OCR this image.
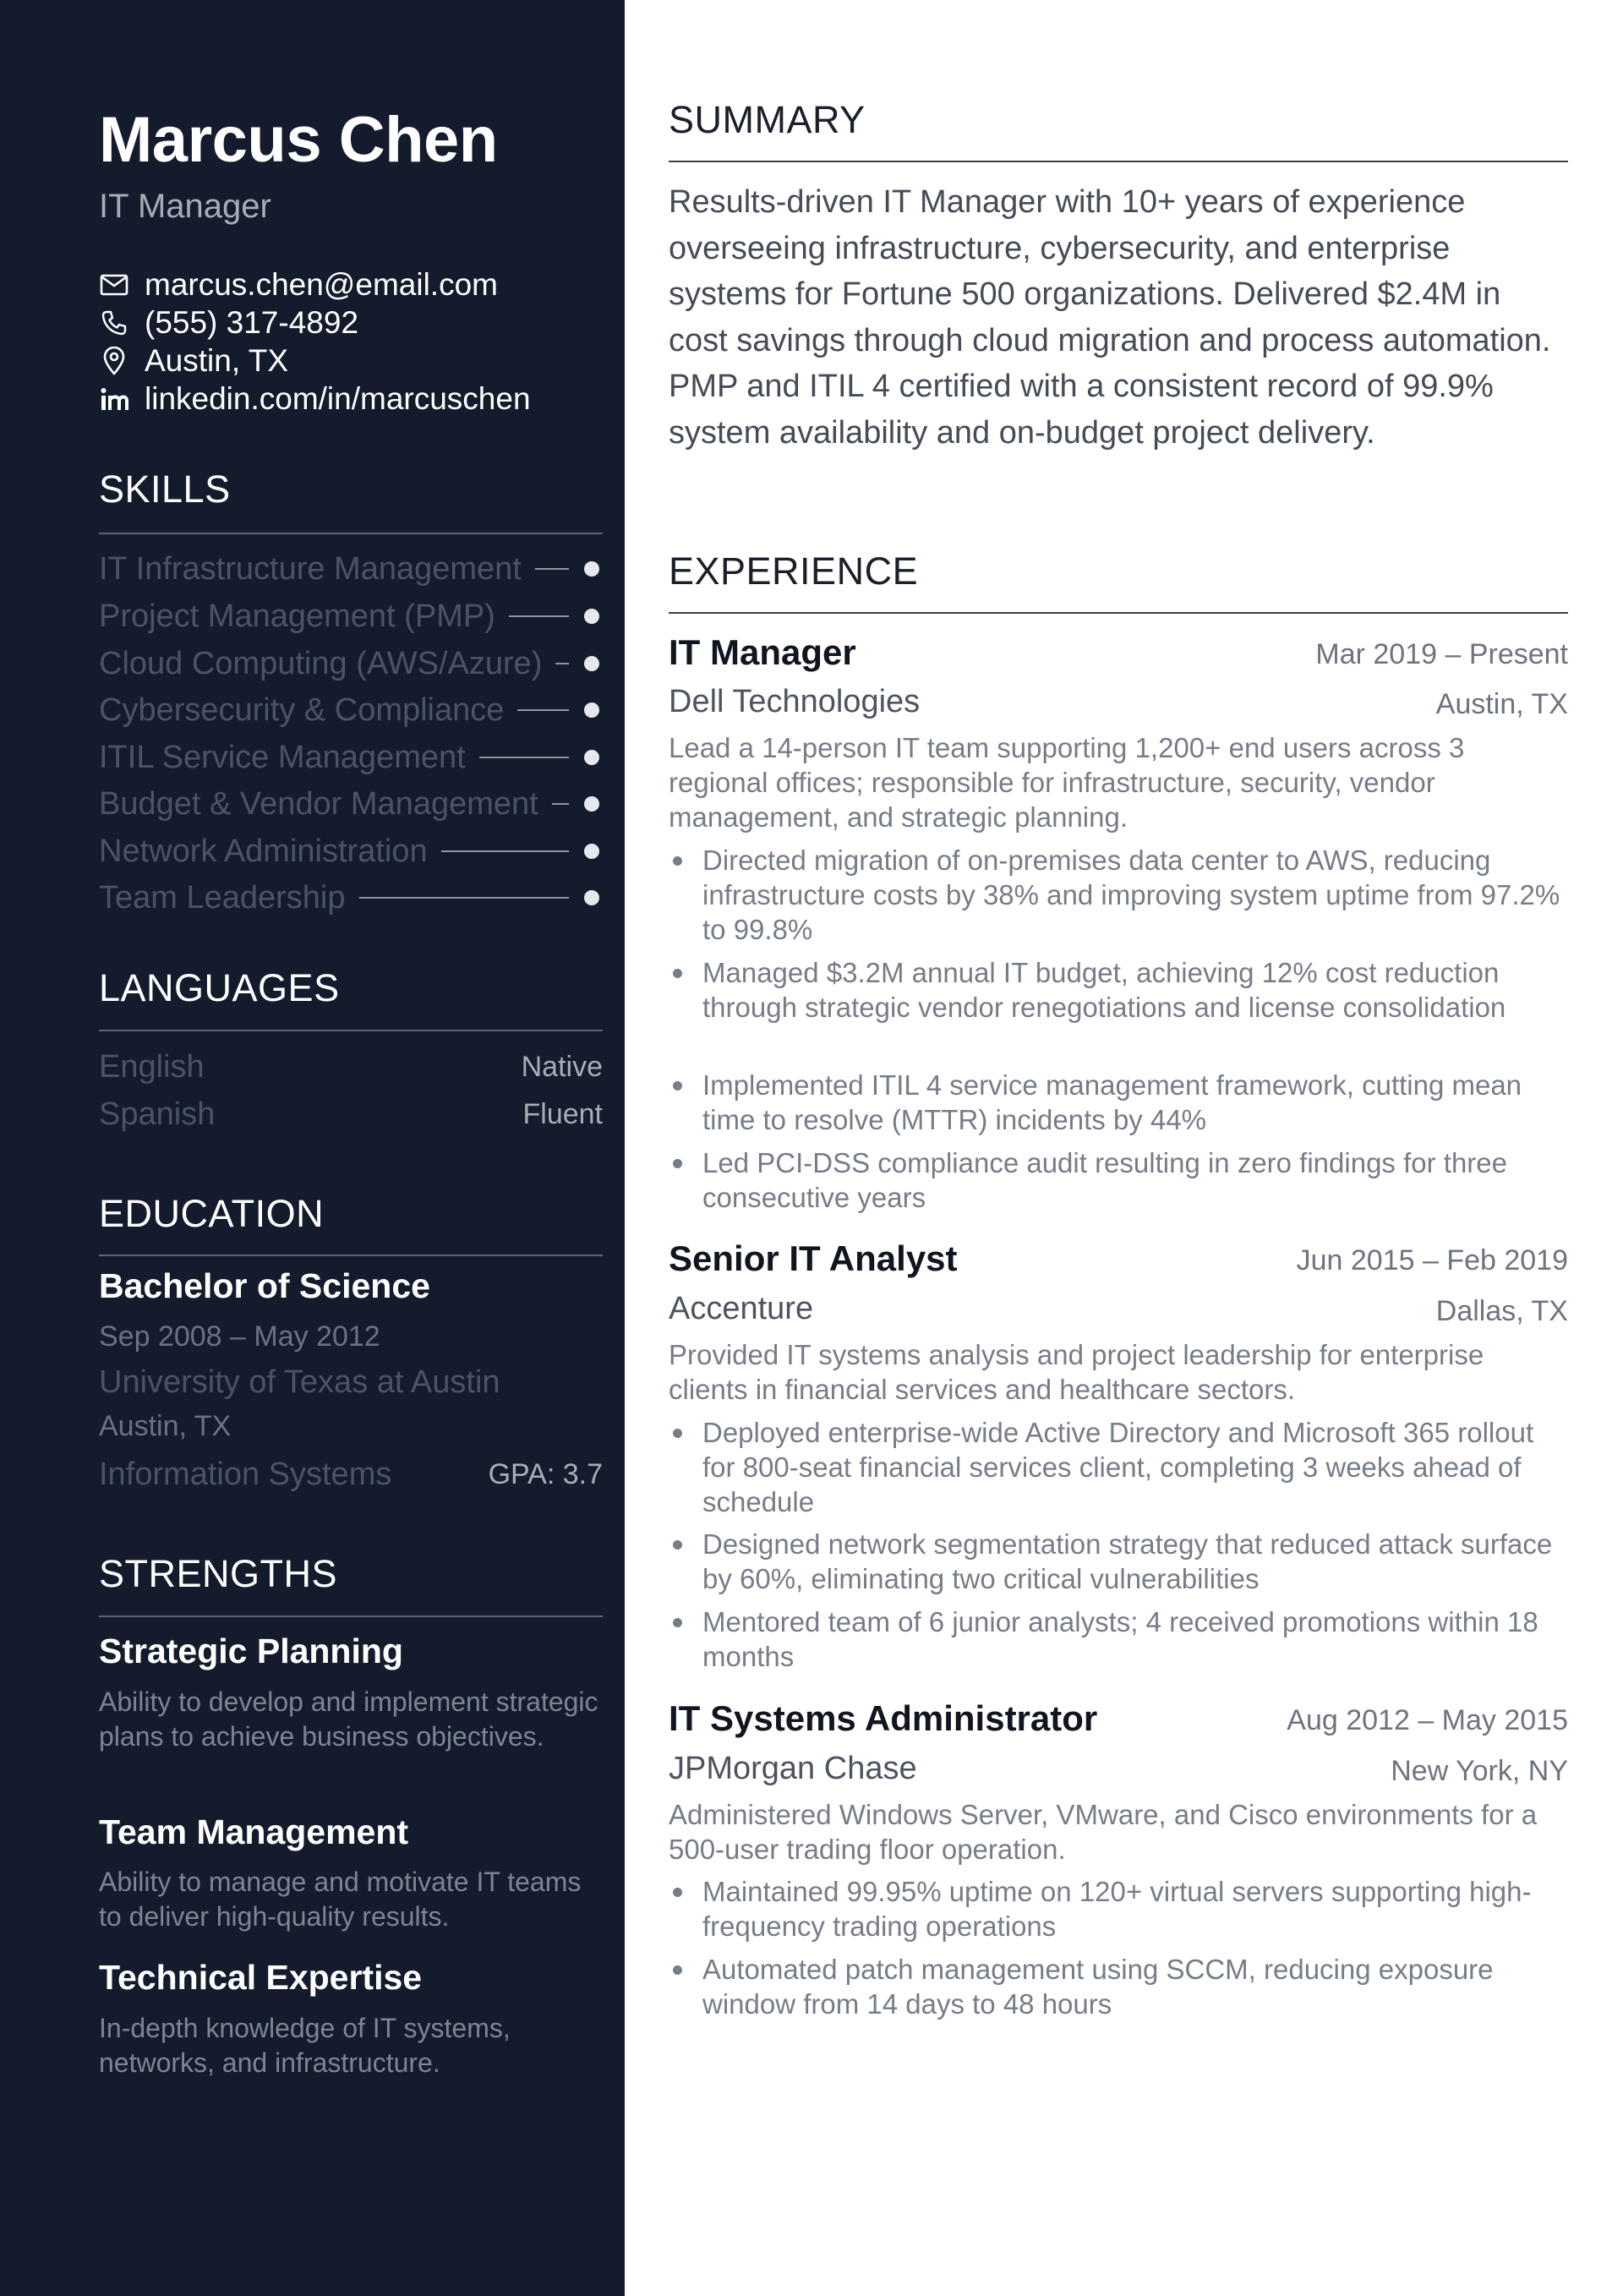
Marcus Chen
IT Manager
marcus.chen@email.com
(555) 317-4892
Austin, TX
linkedin.com/in/marcuschen
SKILLS
IT Infrastructure Management
Project Management (PMP)
Cloud Computing (AWS/Azure)
Cybersecurity & Compliance
ITIL Service Management
Budget & Vendor Management
Network Administration
Team Leadership
LANGUAGES
English	Native
Spanish	Fluent
EDUCATION
Bachelor of Science
Sep 2008 – May 2012
University of Texas at Austin
Austin, TX
Information Systems	GPA: 3.7
STRENGTHS
Strategic Planning
Ability to develop and implement strategic plans to achieve business objectives.
Team Management
Ability to manage and motivate IT teams to deliver high-quality results.
Technical Expertise
In-depth knowledge of IT systems, networks, and infrastructure.
SUMMARY
Results-driven IT Manager with 10+ years of experience overseeing infrastructure, cybersecurity, and enterprise systems for Fortune 500 organizations. Delivered $2.4M in cost savings through cloud migration and process automation. PMP and ITIL 4 certified with a consistent record of 99.9% system availability and on-budget project delivery.
EXPERIENCE
IT Manager	Mar 2019 – Present
Dell Technologies	Austin, TX
Lead a 14-person IT team supporting 1,200+ end users across 3 regional offices; responsible for infrastructure, security, vendor management, and strategic planning.
Directed migration of on-premises data center to AWS, reducing infrastructure costs by 38% and improving system uptime from 97.2% to 99.8%
Managed $3.2M annual IT budget, achieving 12% cost reduction through strategic vendor renegotiations and license consolidation
Implemented ITIL 4 service management framework, cutting mean time to resolve (MTTR) incidents by 44%
Led PCI-DSS compliance audit resulting in zero findings for three consecutive years
Senior IT Analyst	Jun 2015 – Feb 2019
Accenture	Dallas, TX
Provided IT systems analysis and project leadership for enterprise clients in financial services and healthcare sectors.
Deployed enterprise-wide Active Directory and Microsoft 365 rollout for 800-seat financial services client, completing 3 weeks ahead of schedule
Designed network segmentation strategy that reduced attack surface by 60%, eliminating two critical vulnerabilities
Mentored team of 6 junior analysts; 4 received promotions within 18 months
IT Systems Administrator	Aug 2012 – May 2015
JPMorgan Chase	New York, NY
Administered Windows Server, VMware, and Cisco environments for a 500-user trading floor operation.
Maintained 99.95% uptime on 120+ virtual servers supporting high-frequency trading operations
Automated patch management using SCCM, reducing exposure window from 14 days to 48 hours
